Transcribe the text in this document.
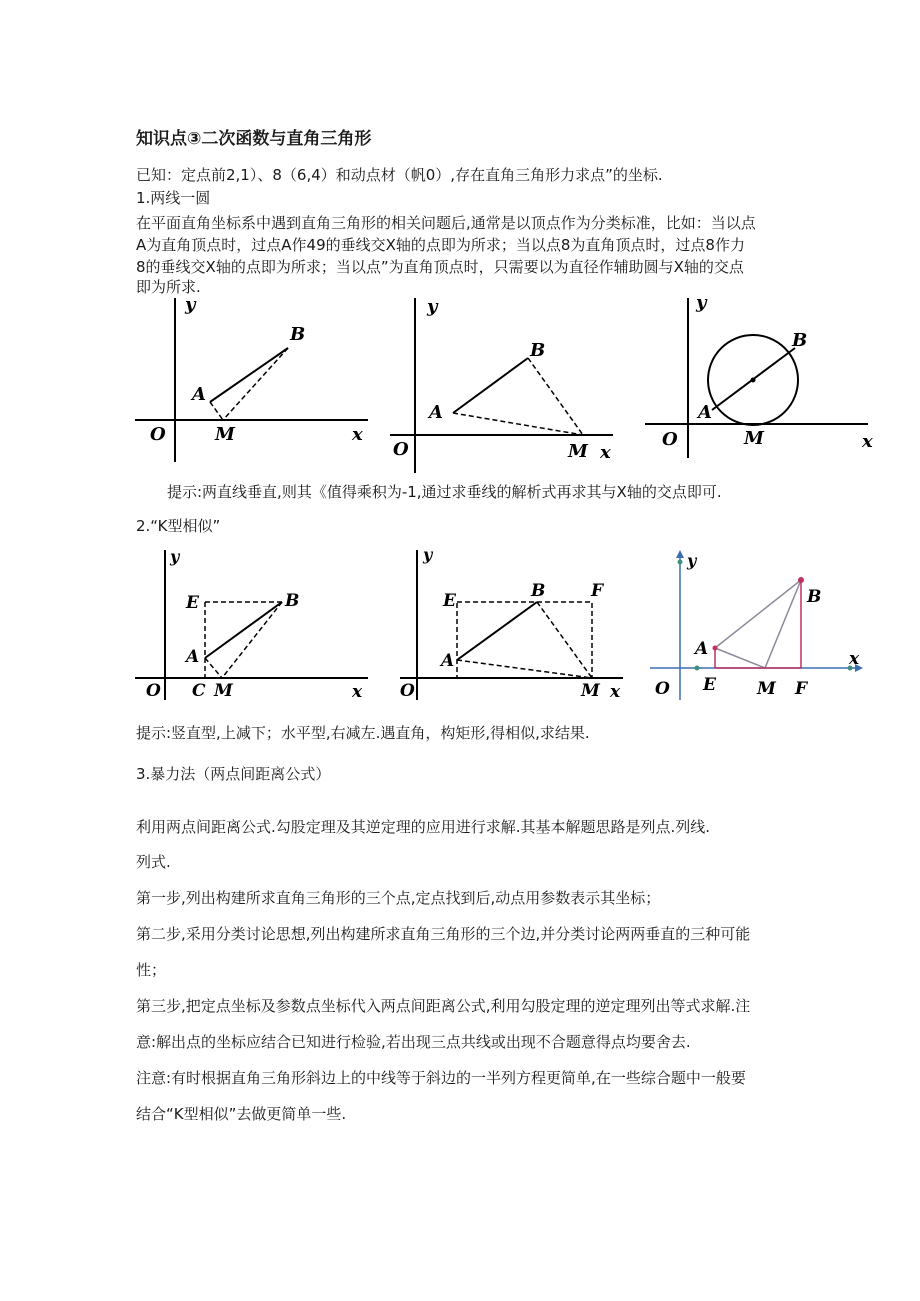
知识点③二次函数与直角三角形
已知：定点前2,1）、8（6,4）和动点材（帆0）,存在直角三角形力求点”的坐标.
1.两线一圆
在平面直角坐标系中遇到直角三角形的相关问题后,通常是以顶点作为分类标准，比如：当以点
A为直角顶点时，过点A作49的垂线交X轴的点即为所求；当以点8为直角顶点时，过点8作力
8的垂线交X轴的点即为所求；当以点”为直角顶点时，只需要以为直径作辅助圆与X轴的交点
即为所求.
y
x
O
A
B
M
y
x
O
A
B
M
y
x
O
A
B
M
提示:两直线垂直,则其《值得乘积为-1,通过求垂线的解析式再求其与X轴的交点即可.
2.“K型相似”
y
x
O
E	B
A
C M
y
x
O
E	B	F
A
M
y
x
O
A
B
E M F
提示:竖直型,上减下；水平型,右减左.遇直角，构矩形,得相似,求结果.
3.暴力法（两点间距离公式）
利用两点间距离公式.勾股定理及其逆定理的应用进行求解.其基本解题思路是列点.列线.
列式.
第一步,列出构建所求直角三角形的三个点,定点找到后,动点用参数表示其坐标；
第二步,采用分类讨论思想,列出构建所求直角三角形的三个边,并分类讨论两两垂直的三种可能
性；
第三步,把定点坐标及参数点坐标代入两点间距离公式,利用勾股定理的逆定理列出等式求解.注
意:解出点的坐标应结合已知进行检验,若出现三点共线或出现不合题意得点均要舍去.
注意:有时根据直角三角形斜边上的中线等于斜边的一半列方程更简单,在一些综合题中一般要
结合“K型相似”去做更简单一些.
